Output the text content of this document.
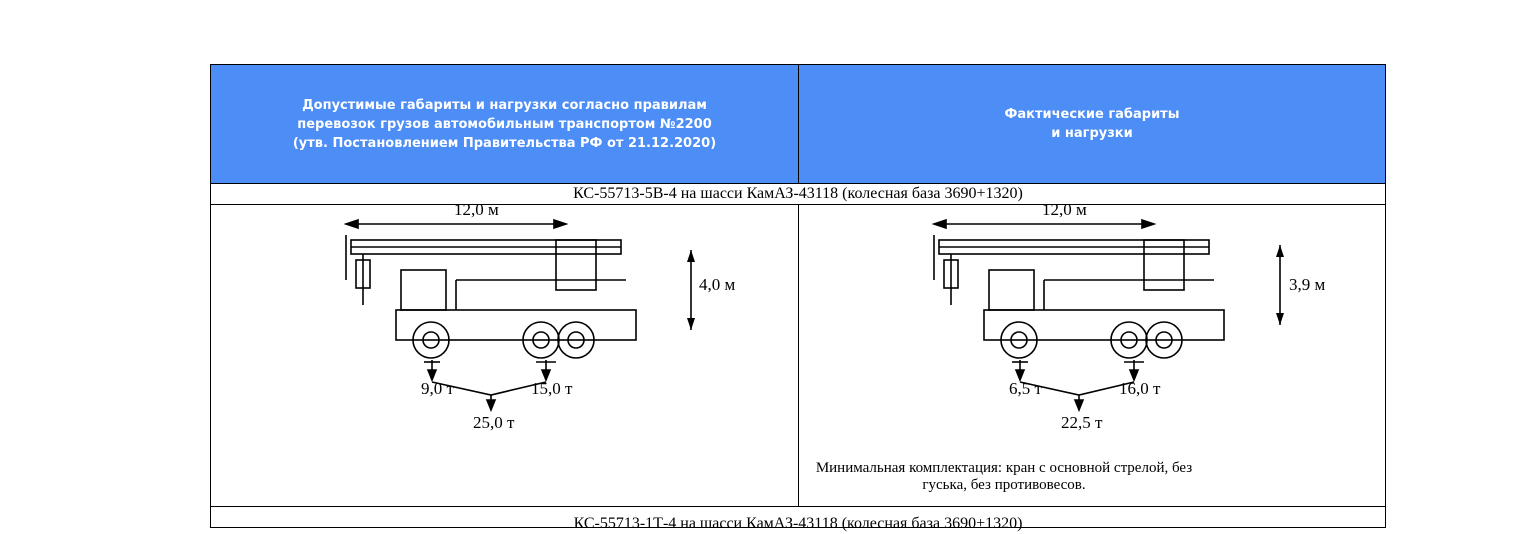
Допустимые габариты и нагрузки согласно правилам
перевозок грузов автомобильным транспортом №2200
(утв. Постановлением Правительства РФ от 21.12.2020)
Фактические габариты
и нагрузки
КС-55713-5В-4 на шасси КамАЗ-43118 (колесная база 3690+1320)
12,0 м
4,0 м
9,0 т	15,0 т
25,0 т
12,0 м
3,9 м
6,5 т	16,0 т
22,5 т
Минимальная комплектация: кран с основной стрелой, без гуська, без противовесов.
КС-55713-1Т-4 на шасси КамАЗ-43118 (колесная база 3690+1320)
